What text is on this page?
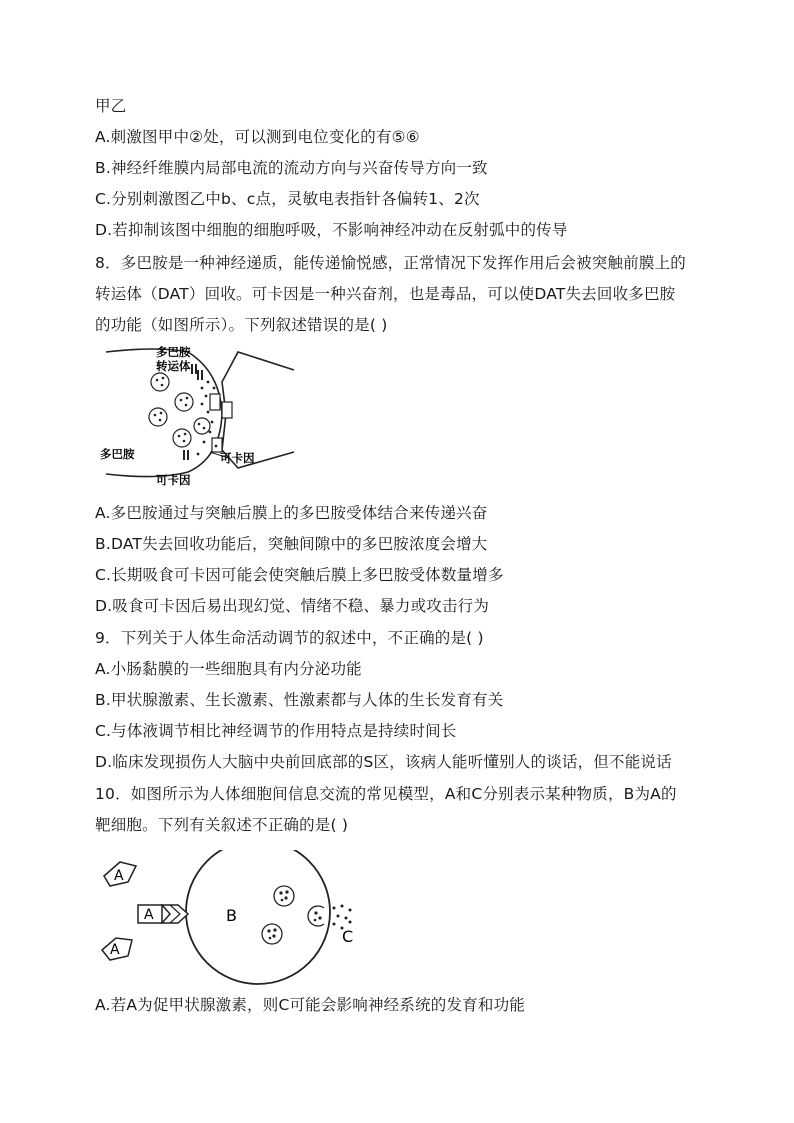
甲乙
A.刺激图甲中②处，可以测到电位变化的有⑤⑥
B.神经纤维膜内局部电流的流动方向与兴奋传导方向一致
C.分别刺激图乙中b、c点，灵敏电表指针各偏转1、2次
D.若抑制该图中细胞的细胞呼吸，不影响神经冲动在反射弧中的传导
8．多巴胺是一种神经递质，能传递愉悦感，正常情况下发挥作用后会被突触前膜上的
转运体（DAT）回收。可卡因是一种兴奋剂，也是毒品，可以使DAT失去回收多巴胺
的功能（如图所示）。下列叙述错误的是( )
多巴胺
转运体
多巴胺	可卡因
可卡因
A.多巴胺通过与突触后膜上的多巴胺受体结合来传递兴奋
B.DAT失去回收功能后，突触间隙中的多巴胺浓度会增大
C.长期吸食可卡因可能会使突触后膜上多巴胺受体数量增多
D.吸食可卡因后易出现幻觉、情绪不稳、暴力或攻击行为
9．下列关于人体生命活动调节的叙述中，不正确的是( )
A.小肠黏膜的一些细胞具有内分泌功能
B.甲状腺激素、生长激素、性激素都与人体的生长发育有关
C.与体液调节相比神经调节的作用特点是持续时间长
D.临床发现损伤人大脑中央前回底部的S区，该病人能听懂别人的谈话，但不能说话
10．如图所示为人体细胞间信息交流的常见模型，A和C分别表示某种物质，B为A的
靶细胞。下列有关叙述不正确的是( )
A
A
A	B
C
A.若A为促甲状腺激素，则C可能会影响神经系统的发育和功能
